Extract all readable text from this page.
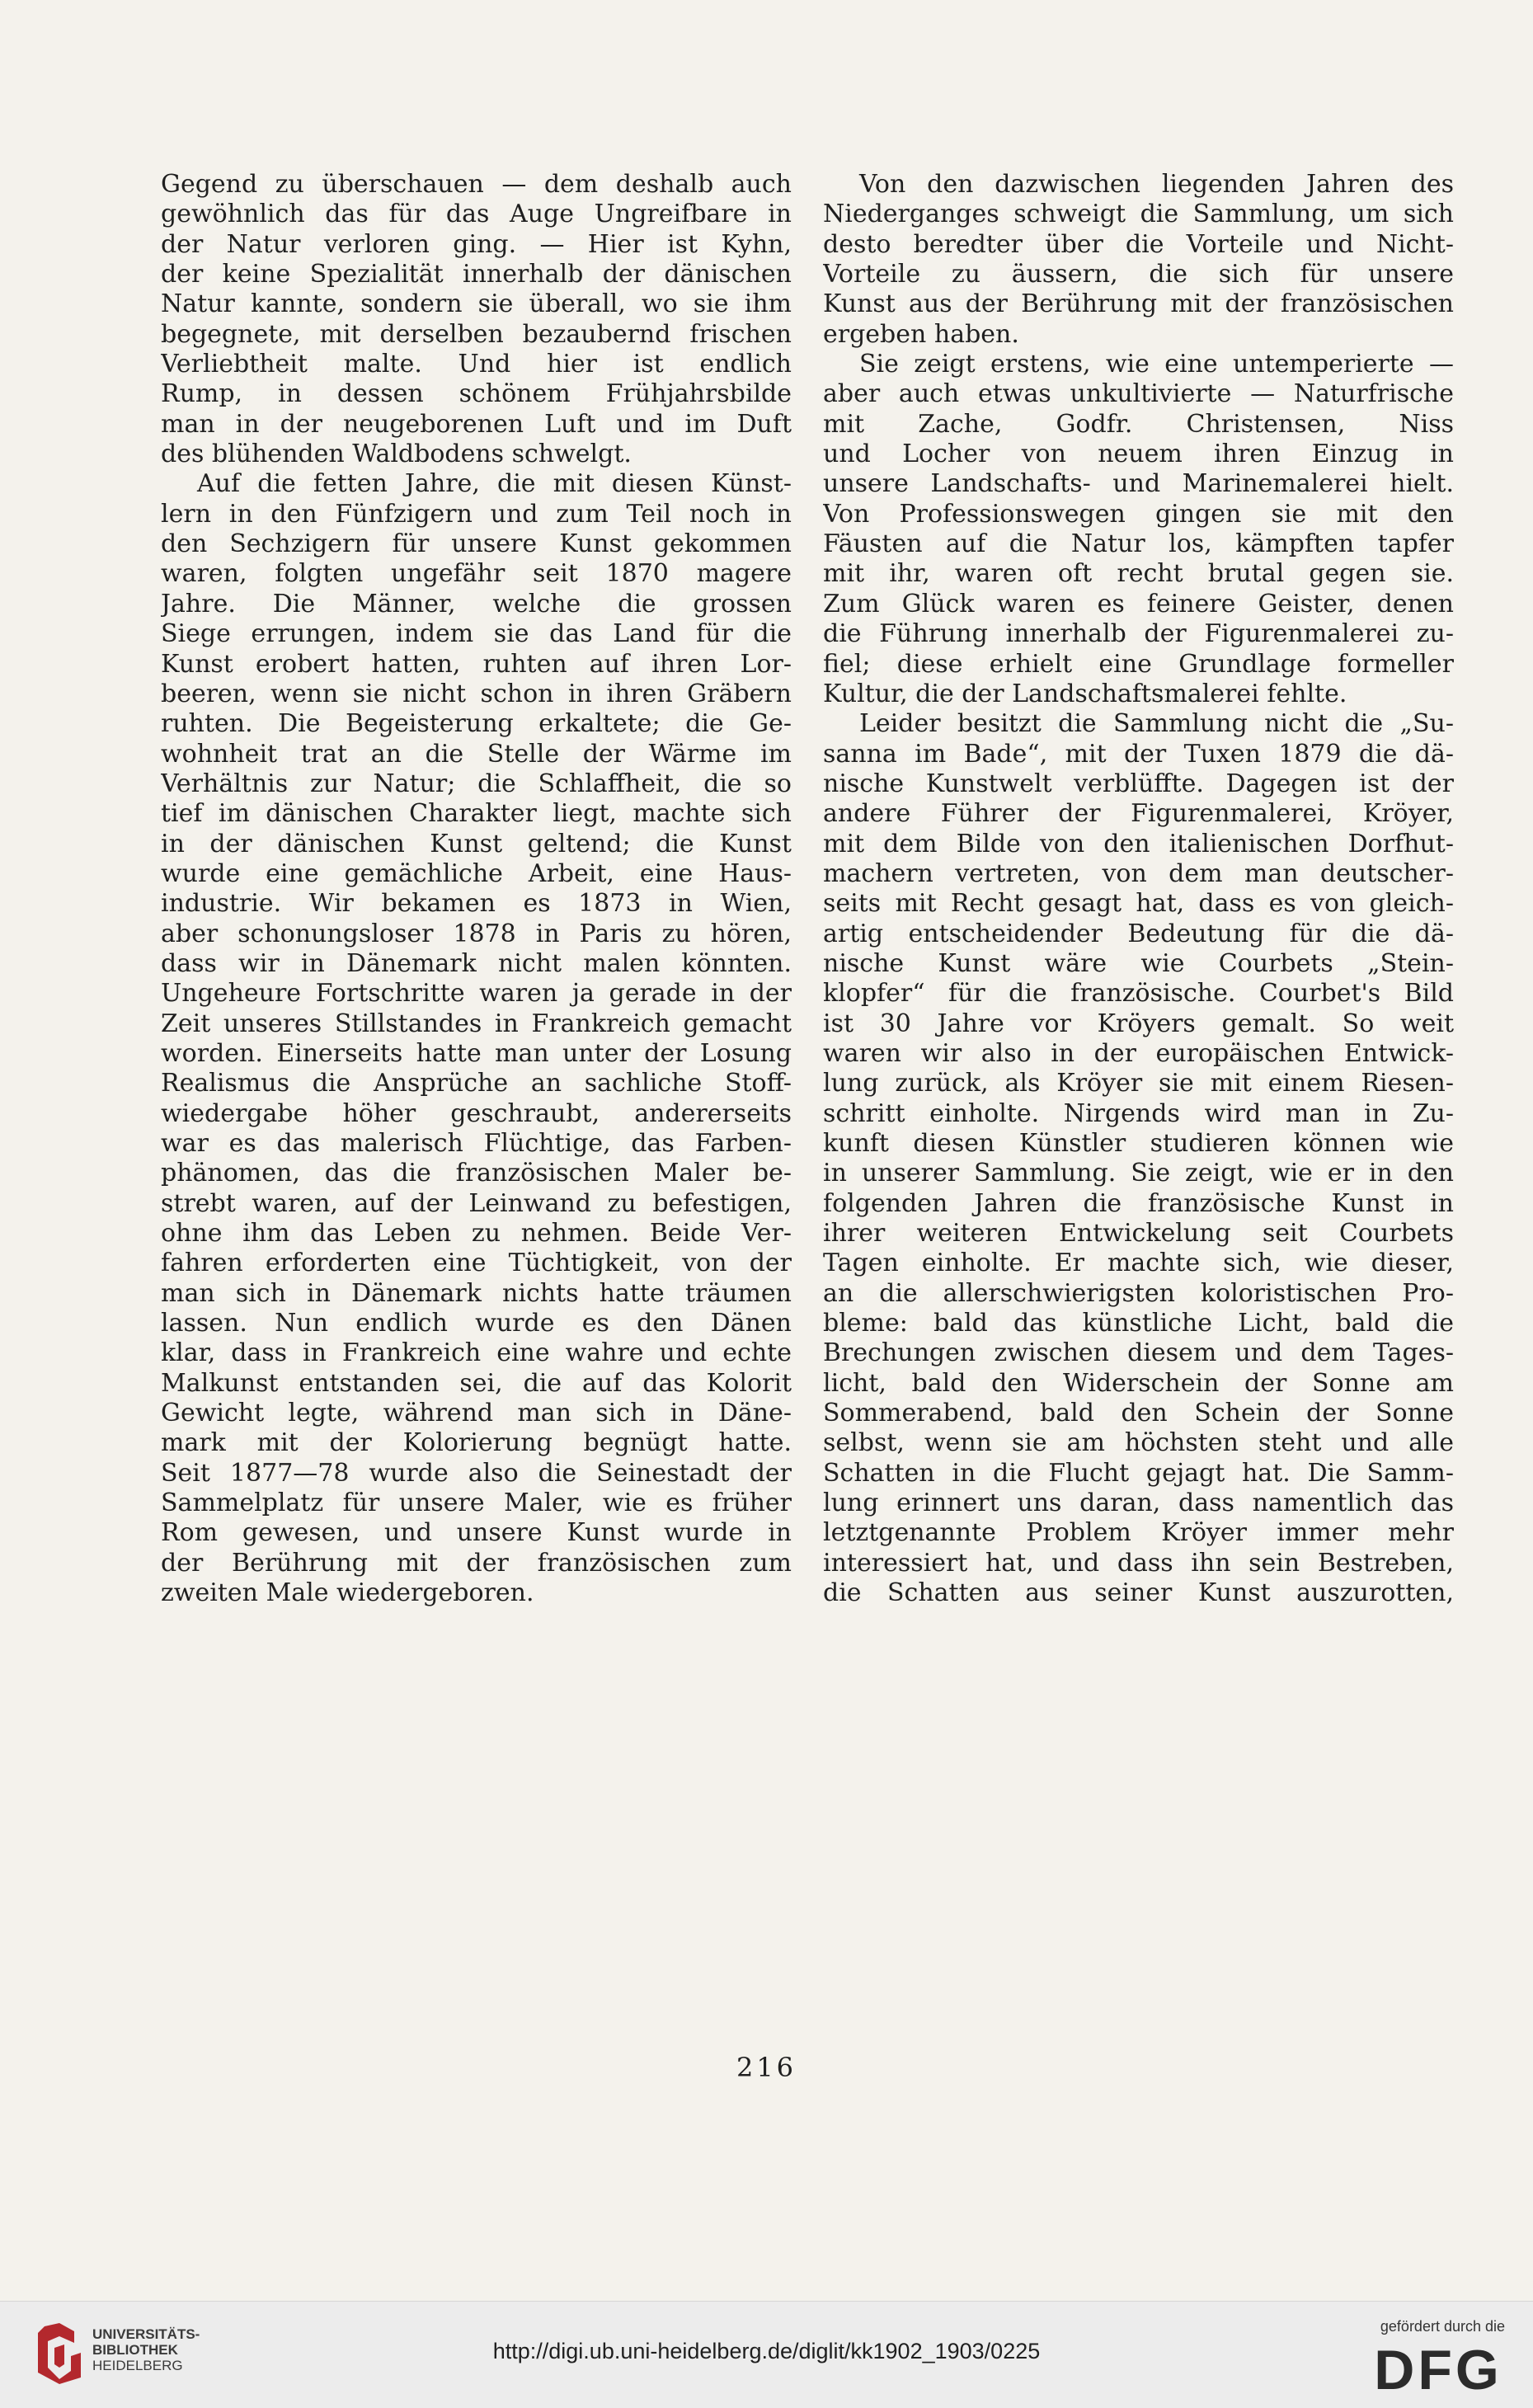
Gegend zu überschauen — dem deshalb auch
gewöhnlich das für das Auge Ungreifbare in
der Natur verloren ging. — Hier ist Kyhn,
der keine Spezialität innerhalb der dänischen
Natur kannte, sondern sie überall, wo sie ihm
begegnete, mit derselben bezaubernd frischen
Verliebtheit malte. Und hier ist endlich
Rump, in dessen schönem Frühjahrsbilde
man in der neugeborenen Luft und im Duft
des blühenden Waldbodens schwelgt.
Auf die fetten Jahre, die mit diesen Künst-
lern in den Fünfzigern und zum Teil noch in
den Sechzigern für unsere Kunst gekommen
waren, folgten ungefähr seit 1870 magere
Jahre. Die Männer, welche die grossen
Siege errungen, indem sie das Land für die
Kunst erobert hatten, ruhten auf ihren Lor-
beeren, wenn sie nicht schon in ihren Gräbern
ruhten. Die Begeisterung erkaltete; die Ge-
wohnheit trat an die Stelle der Wärme im
Verhältnis zur Natur; die Schlaffheit, die so
tief im dänischen Charakter liegt, machte sich
in der dänischen Kunst geltend; die Kunst
wurde eine gemächliche Arbeit, eine Haus-
industrie. Wir bekamen es 1873 in Wien,
aber schonungsloser 1878 in Paris zu hören,
dass wir in Dänemark nicht malen könnten.
Ungeheure Fortschritte waren ja gerade in der
Zeit unseres Stillstandes in Frankreich gemacht
worden. Einerseits hatte man unter der Losung
Realismus die Ansprüche an sachliche Stoff-
wiedergabe höher geschraubt, andererseits
war es das malerisch Flüchtige, das Farben-
phänomen, das die französischen Maler be-
strebt waren, auf der Leinwand zu befestigen,
ohne ihm das Leben zu nehmen. Beide Ver-
fahren erforderten eine Tüchtigkeit, von der
man sich in Dänemark nichts hatte träumen
lassen. Nun endlich wurde es den Dänen
klar, dass in Frankreich eine wahre und echte
Malkunst entstanden sei, die auf das Kolorit
Gewicht legte, während man sich in Däne-
mark mit der Kolorierung begnügt hatte.
Seit 1877—78 wurde also die Seinestadt der
Sammelplatz für unsere Maler, wie es früher
Rom gewesen, und unsere Kunst wurde in
der Berührung mit der französischen zum
zweiten Male wiedergeboren.
Von den dazwischen liegenden Jahren des
Niederganges schweigt die Sammlung, um sich
desto beredter über die Vorteile und Nicht-
Vorteile zu äussern, die sich für unsere
Kunst aus der Berührung mit der französischen
ergeben haben.
Sie zeigt erstens, wie eine untemperierte —
aber auch etwas unkultivierte — Naturfrische
mit Zache, Godfr. Christensen, Niss
und Locher von neuem ihren Einzug in
unsere Landschafts- und Marinemalerei hielt.
Von Professionswegen gingen sie mit den
Fäusten auf die Natur los, kämpften tapfer
mit ihr, waren oft recht brutal gegen sie.
Zum Glück waren es feinere Geister, denen
die Führung innerhalb der Figurenmalerei zu-
fiel; diese erhielt eine Grundlage formeller
Kultur, die der Landschaftsmalerei fehlte.
Leider besitzt die Sammlung nicht die „Su-
sanna im Bade“, mit der Tuxen 1879 die dä-
nische Kunstwelt verblüffte. Dagegen ist der
andere Führer der Figurenmalerei, Kröyer,
mit dem Bilde von den italienischen Dorfhut-
machern vertreten, von dem man deutscher-
seits mit Recht gesagt hat, dass es von gleich-
artig entscheidender Bedeutung für die dä-
nische Kunst wäre wie Courbets „Stein-
klopfer“ für die französische. Courbet's Bild
ist 30 Jahre vor Kröyers gemalt. So weit
waren wir also in der europäischen Entwick-
lung zurück, als Kröyer sie mit einem Riesen-
schritt einholte. Nirgends wird man in Zu-
kunft diesen Künstler studieren können wie
in unserer Sammlung. Sie zeigt, wie er in den
folgenden Jahren die französische Kunst in
ihrer weiteren Entwickelung seit Courbets
Tagen einholte. Er machte sich, wie dieser,
an die allerschwierigsten koloristischen Pro-
bleme: bald das künstliche Licht, bald die
Brechungen zwischen diesem und dem Tages-
licht, bald den Widerschein der Sonne am
Sommerabend, bald den Schein der Sonne
selbst, wenn sie am höchsten steht und alle
Schatten in die Flucht gejagt hat. Die Samm-
lung erinnert uns daran, dass namentlich das
letztgenannte Problem Kröyer immer mehr
interessiert hat, und dass ihn sein Bestreben,
die Schatten aus seiner Kunst auszurotten,
216
UNIVERSITÄTS-
BIBLIOTHEK
HEIDELBERG
http://digi.ub.uni-heidelberg.de/diglit/kk1902_1903/0225
gefördert durch die
DFG
